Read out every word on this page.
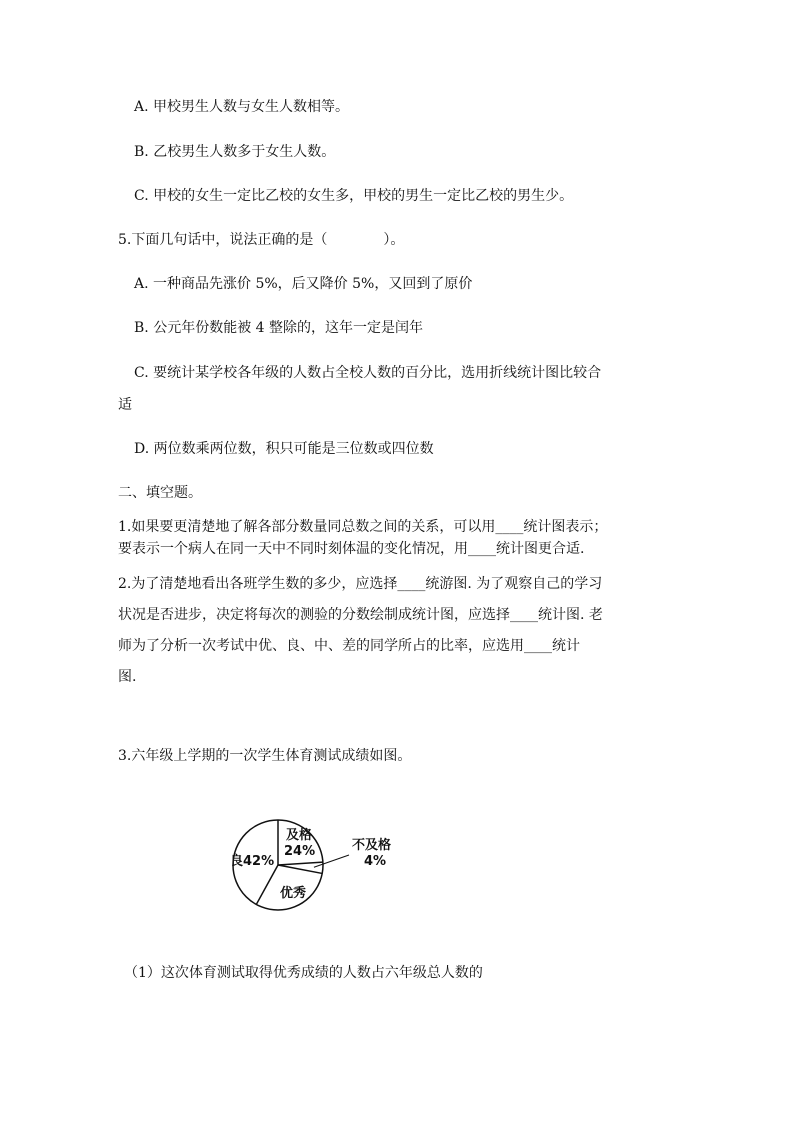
A. 甲校男生人数与女生人数相等。
B. 乙校男生人数多于女生人数。
C. 甲校的女生一定比乙校的女生多，甲校的男生一定比乙校的男生少。
5.下面几句话中，说法正确的是（　　　　）。
A. 一种商品先涨价 5%，后又降价 5%，又回到了原价
B. 公元年份数能被 4 整除的，这年一定是闰年
C. 要统计某学校各年级的人数占全校人数的百分比，选用折线统计图比较合
适
D. 两位数乘两位数，积只可能是三位数或四位数
二、填空题。
1.如果要更清楚地了解各部分数量同总数之间的关系，可以用____统计图表示；
要表示一个病人在同一天中不同时刻体温的变化情况，用____统计图更合适.
2.为了清楚地看出各班学生数的多少，应选择____统游图. 为了观察自己的学习
状况是否进步，决定将每次的测验的分数绘制成统计图，应选择____统计图. 老
师为了分析一次考试中优、良、中、差的同学所占的比率，应选用____统计
图.
3.六年级上学期的一次学生体育测试成绩如图。
及格
24%	不及格
4%
优秀
良42%
（1）这次体育测试取得优秀成绩的人数占六年级总人数的
